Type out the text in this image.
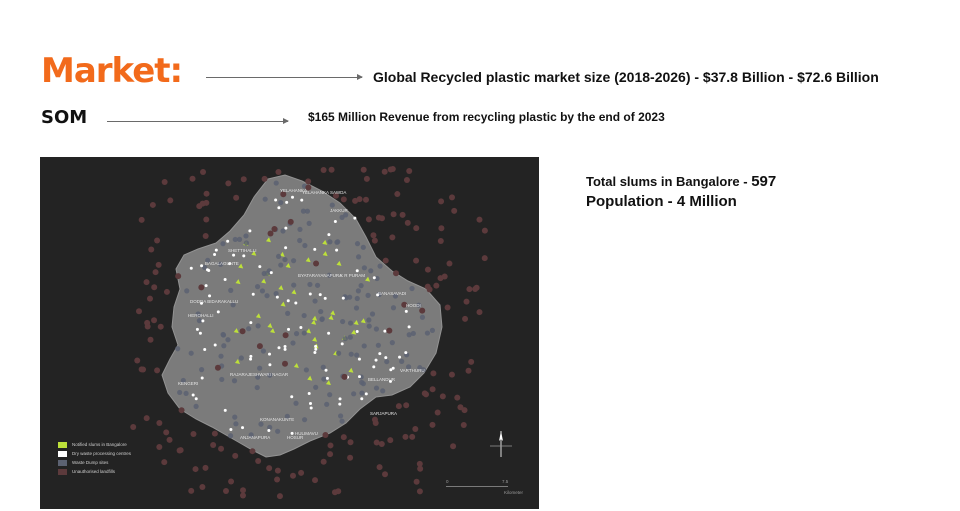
Market:	Global Recycled plastic market size (2018-2026) - $37.8 Billion - $72.6 Billion
SOM	$165 Million Revenue from recycling plastic by the end of 2023
Total slums in Bangalore - 597
Population - 4 Million
YELAHANKA
YELAHANKA SAWDA
JAKKUR
SHETTIHALLI
BAGALAGUNTE
DODDA BIDARAKALLU
HEROHALLI
BYATARAYANAPURA
RAJARAJESHWARI NAGAR
KENGERI
VARTHURU
BELLANDUR
BANASAVADI
HOODI
SARJAPURA
KONANAKUNTE
ANJANAPURA
HULIMAVU
HOSUR
K R PURAM
Notified slums in Bangalore
Dry waste processing centres
Waste Dump sites
Unauthorised landfills
0	7.5
Kilometer
